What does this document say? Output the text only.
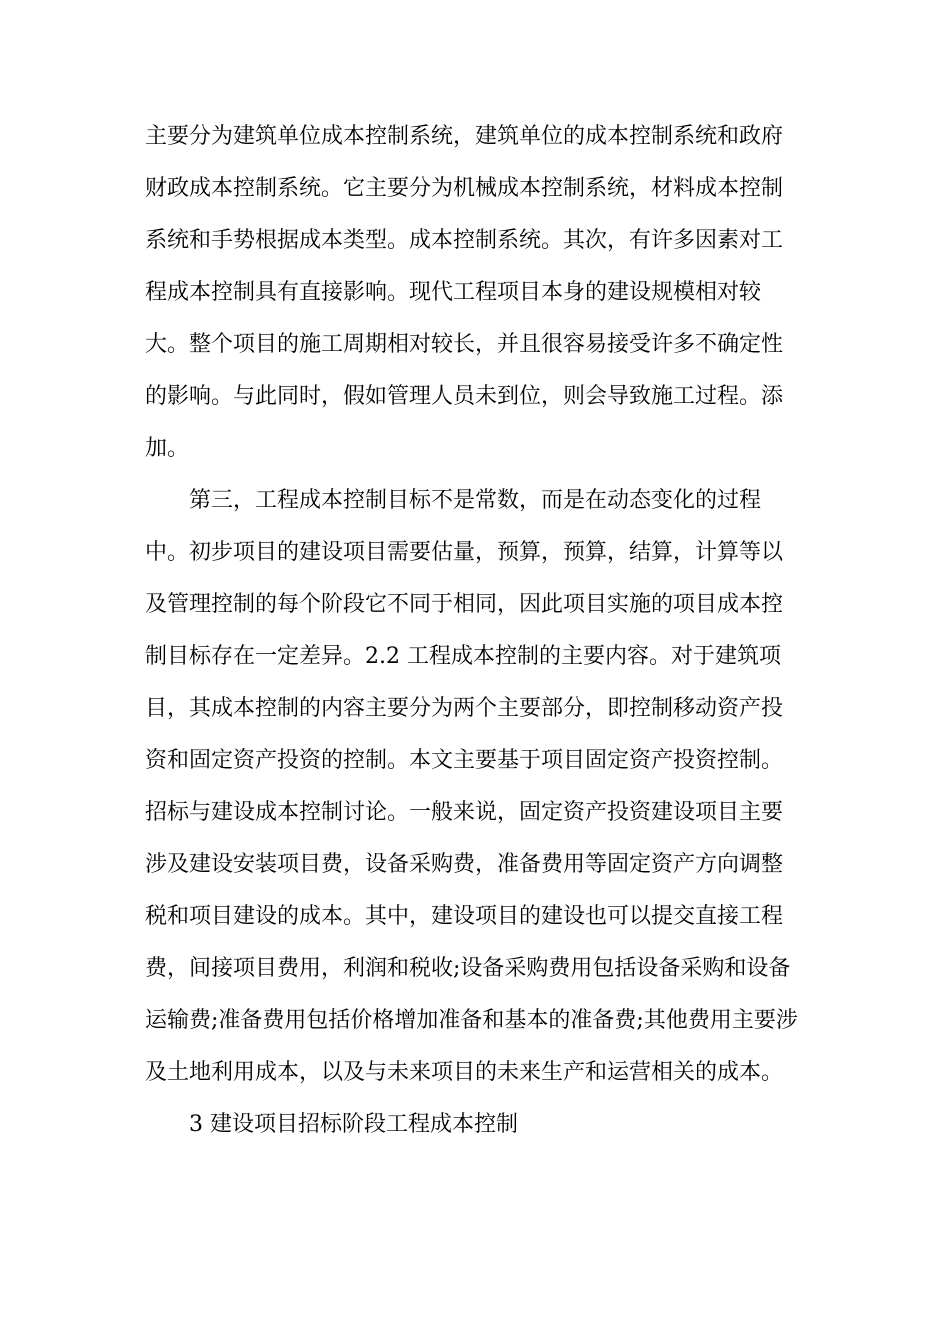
主要分为建筑单位成本控制系统，建筑单位的成本控制系统和政府
财政成本控制系统。它主要分为机械成本控制系统，材料成本控制
系统和手势根据成本类型。成本控制系统。其次，有许多因素对工
程成本控制具有直接影响。现代工程项目本身的建设规模相对较
大。整个项目的施工周期相对较长，并且很容易接受许多不确定性
的影响。与此同时，假如管理人员未到位，则会导致施工过程。添
加。
第三，工程成本控制目标不是常数，而是在动态变化的过程
中。初步项目的建设项目需要估量，预算，预算，结算，计算等以
及管理控制的每个阶段它不同于相同，因此项目实施的项目成本控
制目标存在一定差异。2.2 工程成本控制的主要内容。对于建筑项
目，其成本控制的内容主要分为两个主要部分，即控制移动资产投
资和固定资产投资的控制。本文主要基于项目固定资产投资控制。
招标与建设成本控制讨论。一般来说，固定资产投资建设项目主要
涉及建设安装项目费，设备采购费，准备费用等固定资产方向调整
税和项目建设的成本。其中，建设项目的建设也可以提交直接工程
费，间接项目费用，利润和税收;设备采购费用包括设备采购和设备
运输费;准备费用包括价格增加准备和基本的准备费;其他费用主要涉
及土地利用成本，以及与未来项目的未来生产和运营相关的成本。
3 建设项目招标阶段工程成本控制
